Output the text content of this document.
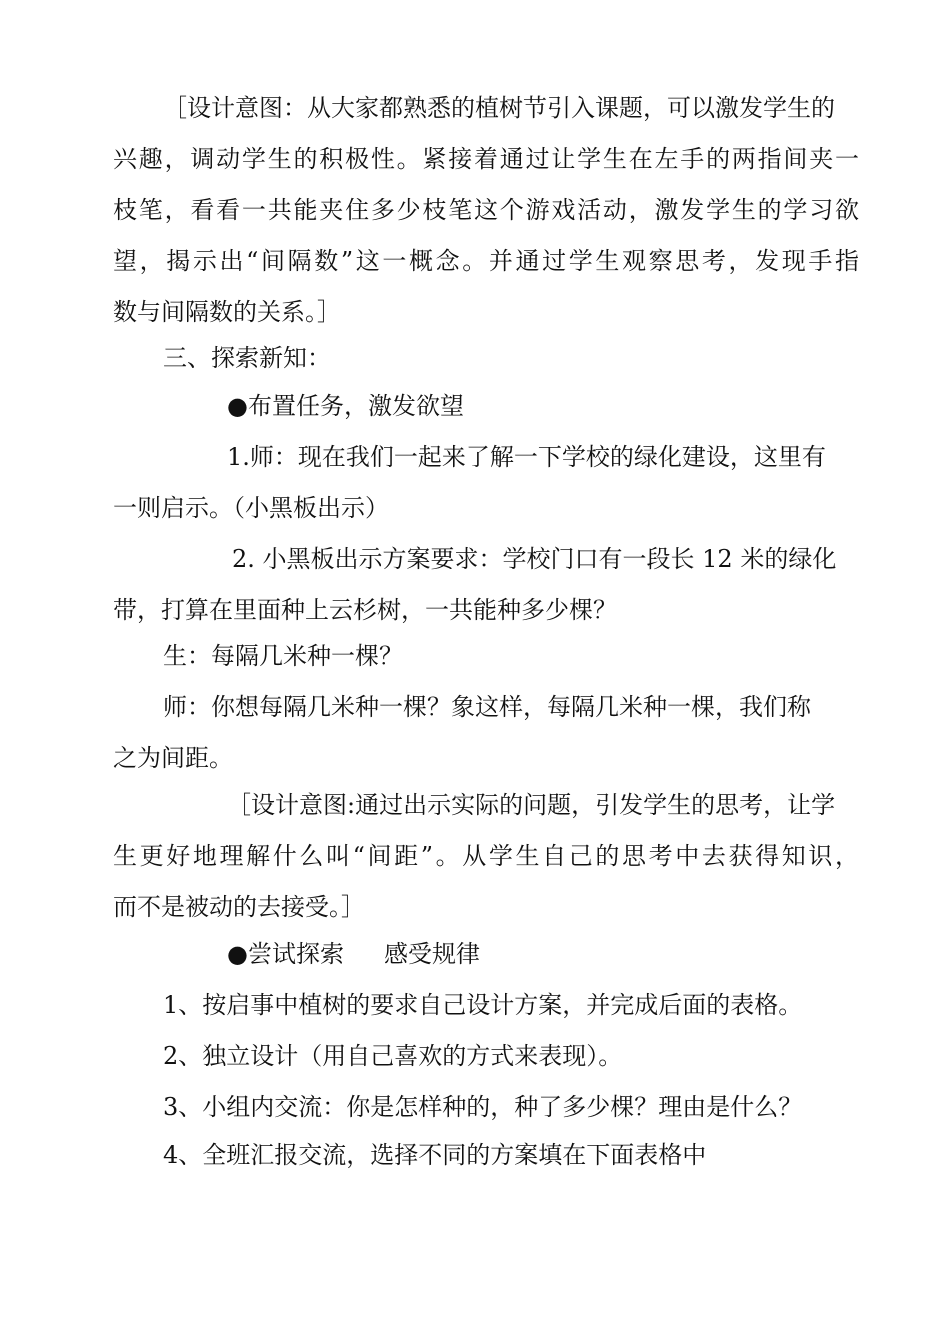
［设计意图：从大家都熟悉的植树节引入课题，可以激发学生的
兴趣，调动学生的积极性。紧接着通过让学生在左手的两指间夹一
枝笔，看看一共能夹住多少枝笔这个游戏活动，激发学生的学习欲
望，揭示出“间隔数”这一概念。并通过学生观察思考，发现手指
数与间隔数的关系。］
三、探索新知：
●布置任务，激发欲望
1.师：现在我们一起来了解一下学校的绿化建设，这里有
一则启示。（小黑板出示）
2. 小黑板出示方案要求：学校门口有一段长 12 米的绿化
带，打算在里面种上云杉树，一共能种多少棵？
生：每隔几米种一棵？
师：你想每隔几米种一棵？象这样，每隔几米种一棵，我们称
之为间距。
［设计意图:通过出示实际的问题，引发学生的思考，让学
生更好地理解什么叫“间距”。从学生自己的思考中去获得知识，
而不是被动的去接受。］
●尝试探索 感受规律
1、按启事中植树的要求自己设计方案，并完成后面的表格。
2、独立设计（用自己喜欢的方式来表现）。
3、小组内交流：你是怎样种的，种了多少棵？理由是什么？
4、全班汇报交流，选择不同的方案填在下面表格中
